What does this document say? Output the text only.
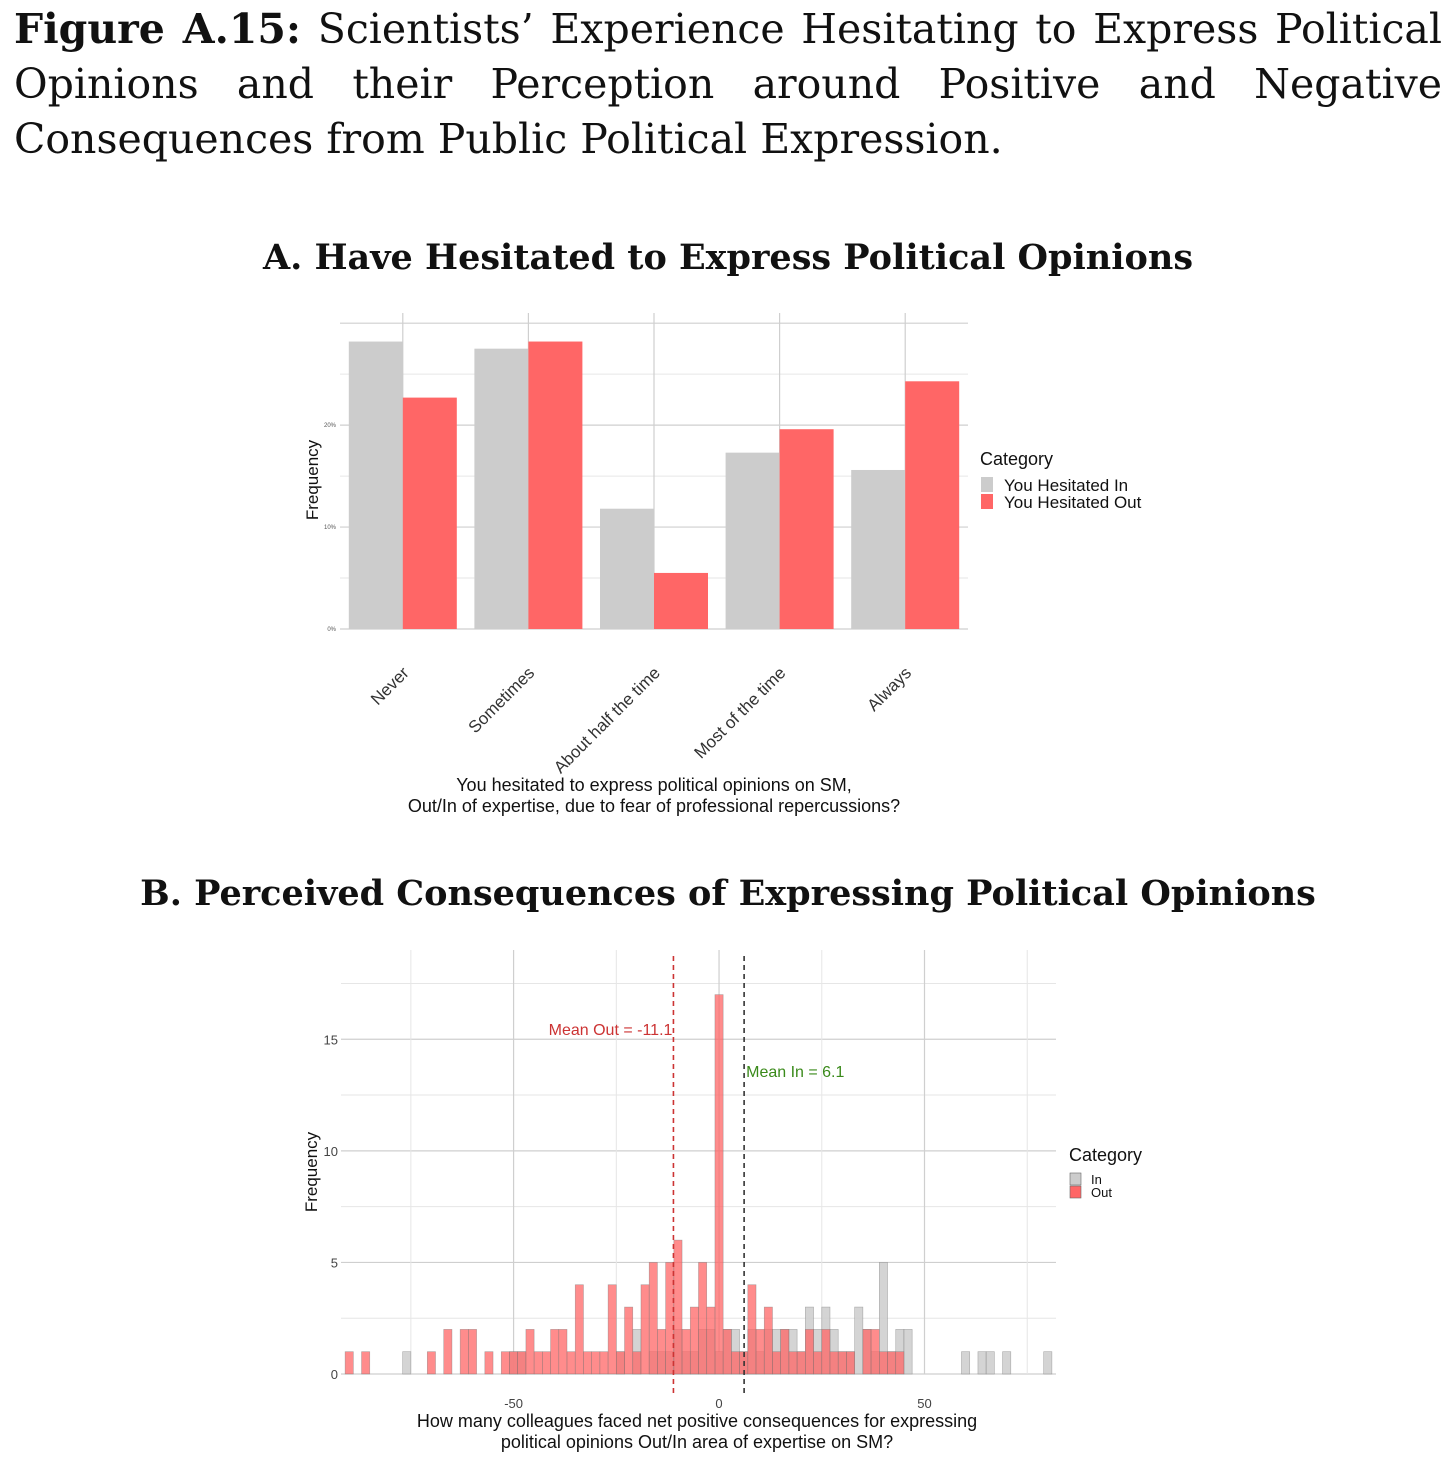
Figure A.15: Scientists’ Experience Hesitating to Express Political Opinions and their Perception around Positive and Negative Consequences from Public Political Expression.

A. Have Hesitated to Express Political Opinions
Never	Sometimes About half the time Most of the time	Always
0%
10%
20%
Frequency
You hesitated to express political opinions on SM,
Out/In of expertise, due to fear of professional repercussions?
Category
You Hesitated In
You Hesitated Out
B. Perceived Consequences of Expressing Political Opinions
Mean Out = -11.1
Mean In = 6.1
0
5
10
15
-50	0	50
Frequency
How many colleagues faced net positive consequences for expressing
political opinions Out/In area of expertise on SM?
Category
In
Out
